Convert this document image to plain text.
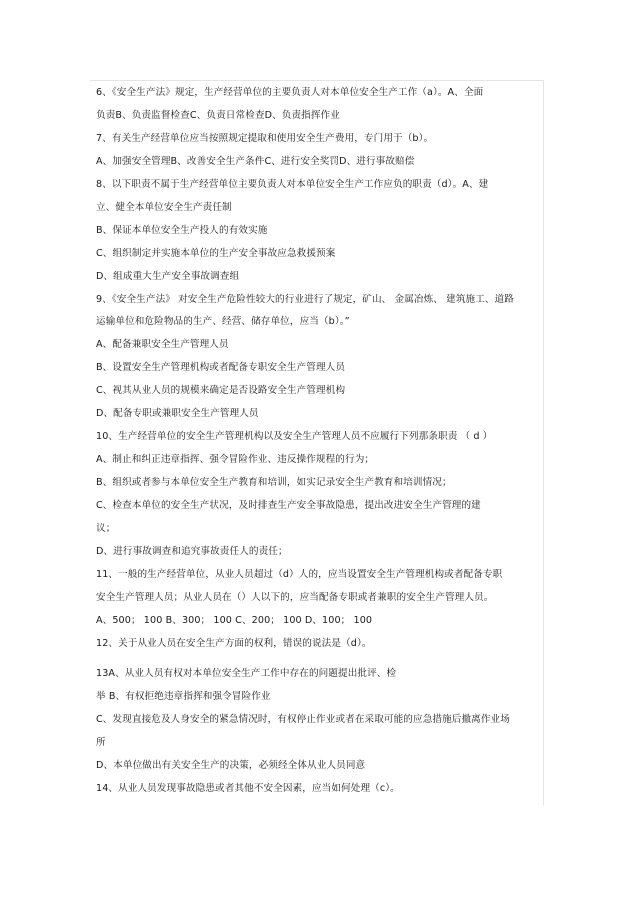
6、《安全生产法》规定，生产经营单位的主要负责人对本单位安全生产工作（a）。A、全面
负责B、负责监督检查C、负责日常检查D、负责指挥作业
7、有关生产经营单位应当按照规定提取和使用安全生产费用，专门用于（b）。
A、加强安全管理B、改善安全生产条件C、进行安全奖罚D、进行事故赔偿
8、以下职责不属于生产经营单位主要负责人对本单位安全生产工作应负的职责（d）。A、建
立、健全本单位安全生产责任制
B、保证本单位安全生产投人的有效实施
C、组织制定并实施本单位的生产安全事故应急救援预案
D、组成重大生产安全事故调查组
9、《安全生产法》 对安全生产危险性较大的行业进行了规定，矿山、 金属冶炼、 建筑施工、道路
运输单位和危险物品的生产、经营、储存单位，应当（b）。”
A、配备兼职安全生产管理人员
B、设置安全生产管理机构或者配备专职安全生产管理人员
C、视其从业人员的规模来确定是否设路安全生产管理机构
D、配备专职或兼职安全生产管理人员
10、生产经营单位的安全生产管理机构以及安全生产管理人员不应履行下列那条职责 （ d ）
A、制止和纠正违章指挥、强令冒险作业、违反操作规程的行为；
B、组织或者参与本单位安全生产教育和培训，如实记录安全生产教育和培训情况；
C、检查本单位的安全生产状况，及时排查生产安全事故隐患，提出改进安全生产管理的建
议；
D、进行事故调查和追究事故责任人的责任；
11、一般的生产经营单位，从业人员超过（d）人的，应当设置安全生产管理机构或者配备专职
安全生产管理人员；从业人员在（）人以下的，应当配备专职或者兼职的安全生产管理人员。
A、500； 100 B、300； 100 C、200； 100 D、100； 100
12、关于从业人员在安全生产方面的权利，错误的说法是（d）。
13A、从业人员有权对本单位安全生产工作中存在的问题提出批评、检
举 B、有权拒绝违章指挥和强令冒险作业
C、发现直接危及人身安全的紧急情况时，有权停止作业或者在采取可能的应急措施后撤离作业场
所
D、本单位做出有关安全生产的决策，必须经全体从业人员同意
14、从业人员发现事故隐患或者其他不安全因素，应当如何处理（c）。
